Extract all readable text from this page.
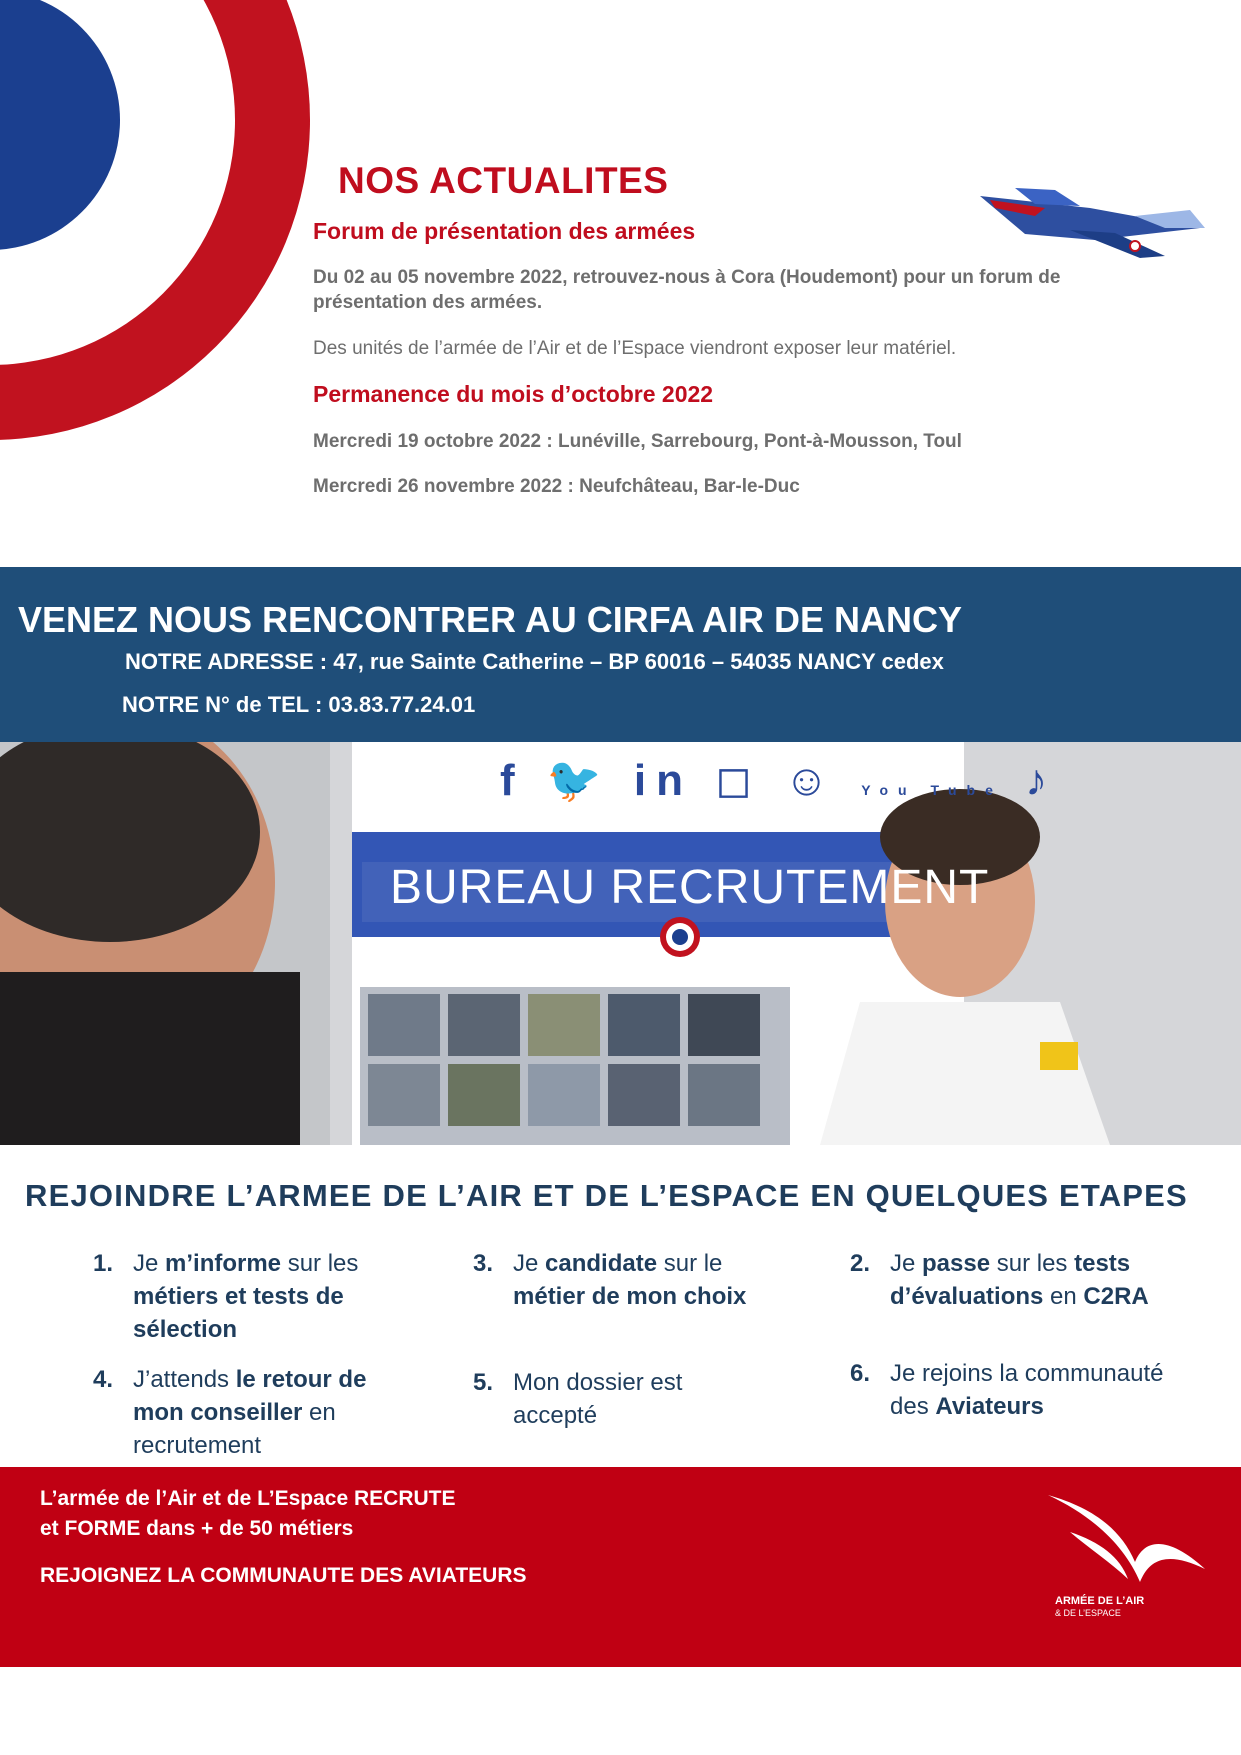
NOS ACTUALITES
Forum de présentation des armées
Du 02 au 05 novembre 2022, retrouvez-nous à Cora (Houdemont) pour un forum de
présentation des armées.
Des unités de l’armée de l’Air et de l’Espace viendront exposer leur matériel.
Permanence du mois d’octobre 2022
Mercredi 19 octobre 2022 : Lunéville, Sarrebourg, Pont-à-Mousson, Toul
Mercredi 26 novembre 2022 : Neufchâteau, Bar-le-Duc
VENEZ NOUS RENCONTRER AU CIRFA AIR DE NANCY
NOTRE ADRESSE : 47, rue Sainte Catherine – BP 60016 – 54035 NANCY cedex
NOTRE N° de TEL : 03.83.77.24.01
f 🐦 in ◻ ☺ You Tube ♪
BUREAU RECRUTEMENT
REJOINDRE L’ARMEE DE L’AIR ET DE L’ESPACE EN QUELQUES ETAPES
1. Je m’informe sur les métiers et tests de sélection
3. Je candidate sur le métier de mon choix
2. Je passe sur les tests d’évaluations en C2RA
4. J’attends le retour de mon conseiller en recrutement
5. Mon dossier est accepté
6. Je rejoins la communauté des Aviateurs
L’armée de l’Air et de L’Espace RECRUTE
et FORME dans + de 50 métiers
REJOIGNEZ LA COMMUNAUTE DES AVIATEURS
ARMÉE DE L’AIR
& DE L’ESPACE
